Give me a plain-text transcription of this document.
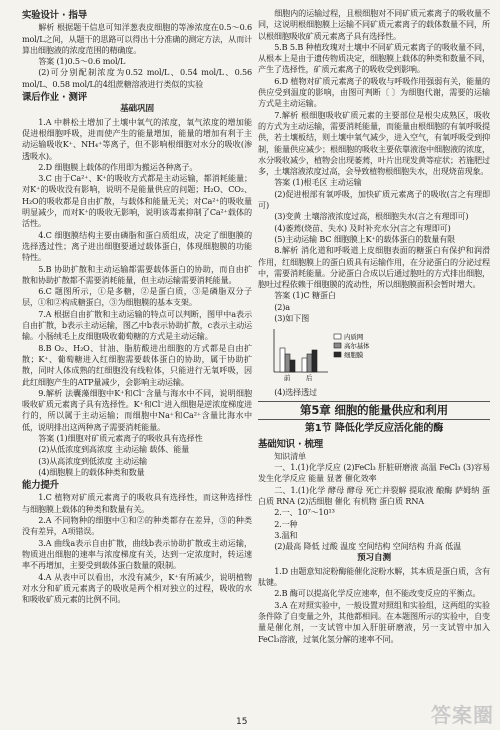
实验设计 · 指导

解析 根据题干信息可知洋葱表皮细胞的等渗浓度在0.5～0.6 mol/L之间，从题干的思路可以得出十分准确的测定方法，从而计算出细胞液的浓度范围的精确度。

答案 (1)0.5～0.6 mol/L

(2)可分别配制浓度为0.52 mol/L、0.54 mol/L、0.56 mol/L、0.58 mol/L的4组蔗糖溶液进行类似的实验

课后作业 · 测评
基础巩固

1.A 中耕松土增加了土壤中氧气的浓度，氧气浓度的增加能促进根细胞呼吸，进而使产生的能量增加，能量的增加有利于主动运输吸收K⁺、NH₄⁺等离子，但不影响根细胞对水分的吸收(渗透吸水)。

2.D 细胞膜上载体的作用即为搬运各种离子。

3.C 由于Ca²⁺、K⁺的吸收方式都是主动运输，都消耗能量；对K⁺的吸收没有影响，说明不是能量供应的问题；H₂O、CO₂、H₂O的吸收都是自由扩散，与载体和能量无关；对Ca²⁺的吸收量明显减少，而对K⁺的吸收无影响，说明该毒素抑制了Ca²⁺载体的活性。

4.C 细胞膜结构主要由磷脂和蛋白质组成，决定了细胞膜的选择透过性；离子进出细胞要通过载体蛋白，体现细胞膜的功能特性。

5.B 协助扩散和主动运输都需要载体蛋白的协助，而自由扩散和协助扩散都不需要消耗能量，但主动运输需要消耗能量。

6.C 题图所示，①是多糖，②是蛋白质，③是磷脂双分子层，①和②构成糖蛋白，③为细胞膜的基本支架。

7.A 根据自由扩散和主动运输的特点可以判断，图甲中a表示自由扩散，b表示主动运输，图乙中b表示协助扩散，c表示主动运输。小肠绒毛上皮细胞吸收葡萄糖的方式是主动运输。

8.B O₂、H₂O、甘油、脂肪酸进出细胞的方式都是自由扩散；K⁺、葡萄糖进入红细胞需要载体蛋白的协助，属于协助扩散，同时人体成熟的红细胞没有线粒体，只能进行无氧呼吸，因此红细胞产生的ATP量减少，会影响主动运输。

9.解析 法囊藻细胞中K⁺和Cl⁻含量与海水中不同，说明细胞吸收矿质元素离子具有选择性。K⁺和Cl⁻进入细胞是逆浓度梯度进行的，所以属于主动运输；而细胞中Na⁺和Ca²⁺含量比海水中低，说明排出这两种离子需要消耗能量。

答案 (1)细胞对矿质元素离子的吸收具有选择性

(2)从低浓度到高浓度 主动运输 载体、能量

(3)从高浓度到低浓度 主动运输

(4)细胞膜上的载体种类和数量

能力提升

1.C 植物对矿质元素离子的吸收具有选择性，而这种选择性与细胞膜上载体的种类和数量有关。

2.A 不同物种的细胞中①和②的种类都存在差异，③的种类没有差异，A项错误。

3.A 曲线a表示自由扩散，曲线b表示协助扩散或主动运输，物质进出细胞的速率与浓度梯度有关，达到一定浓度时，转运速率不再增加，主要受到载体蛋白数量的限制。

4.A 从表中可以看出，水没有减少，K⁺有所减少，说明植物对水分和矿质元素离子的吸收是两个相对独立的过程，吸收的水和吸收矿质元素的比例不同。

细胞内的运输过程，且根细胞对不同矿质元素离子的吸收量不同，这说明根细胞膜上运输不同矿质元素离子的载体数量不同，所以根细胞吸收矿质元素离子具有选择性。

5.B 5.B 种植玫瑰对土壤中不同矿质元素离子的吸收量不同，从根本上是由于遗传物质决定，细胞膜上载体的种类和数量不同，产生了选择性，矿质元素离子的吸收受到影响。

6.D 植物对矿质元素离子的吸收与呼吸作用强弱有关，能量的供应受到温度的影响，由图可判断〔 〕为细胞代谢，需要的运输方式是主动运输。

7.解析 根细胞吸收矿质元素的主要部位是根尖成熟区，吸收的方式为主动运输，需要消耗能量，而能量由根细胞的有氧呼吸提供，若土壤板结，则土壤中氧气减少，进入空气，有氧呼吸受到抑制，能量供应减少；根细胞的吸收主要依靠液泡中细胞液的浓度，水分吸收减少，植物会出现萎蔫，叶片出现发黄等症状；若施肥过多，土壤溶液浓度过高，会导致植物根细胞失水，出现烧苗现象。

答案 (1)根毛区 主动运输

(2)促进根部有氧呼吸，加快矿质元素离子的吸收(言之有理即可)

(3)变黄 土壤溶液浓度过高，根细胞失水(言之有理即可)

(4)萎蔫(烧苗、失水) 及时补充水分(言之有理即可)

(5)主动运输 BC 细胞膜上K⁺的载体蛋白的数量有限

8.解析 消化道和呼吸道上皮细胞表面的糖蛋白有保护和润滑作用，红细胞膜上的蛋白质具有运输作用，在分泌蛋白的分泌过程中，需要消耗能量。分泌蛋白合成以后通过胞吐的方式排出细胞，胞吐过程依赖于细胞膜的流动性，所以细胞膜面积会暂时增大。

答案 (1)C 糖蛋白

(2)a

(3)如下图

前 后
内质网
高尔基体
细胞膜

(4)选择透过

第5章 细胞的能量供应和利用
第1节 降低化学反应活化能的酶
基础知识 · 梳理

知识清单

一、1.(1)化学反应 (2)FeCl₃ 肝脏研磨液 高温 FeCl₃ (3)容易发生化学反应 能量 显著 催化效率

二、1.(1)化学 酵母 酵母 死亡并裂解 提取液 酿酶 萨姆纳 蛋白质 RNA (2)活细胞 催化 有机物 蛋白质 RNA

2.一、10⁷～10¹³

2.一种

3.温和

(2)最高 降低 过酸 温度 空间结构 空间结构 升高 低温

预习自测

1.D 由题意知淀粉酶能催化淀粉水解，其本质是蛋白质，含有肽键。

2.B 酶可以提高化学反应速率，但不能改变反应的平衡点。

3.A 在对照实验中，一般设置对照组和实验组，这两组的实验条件除了自变量之外，其他都相同。在本题图所示的实验中，自变量是催化剂，一支试管中加入肝脏研磨液，另一支试管中加入FeCl₃溶液，过氧化氢分解的速率不同。

15	答案圈
